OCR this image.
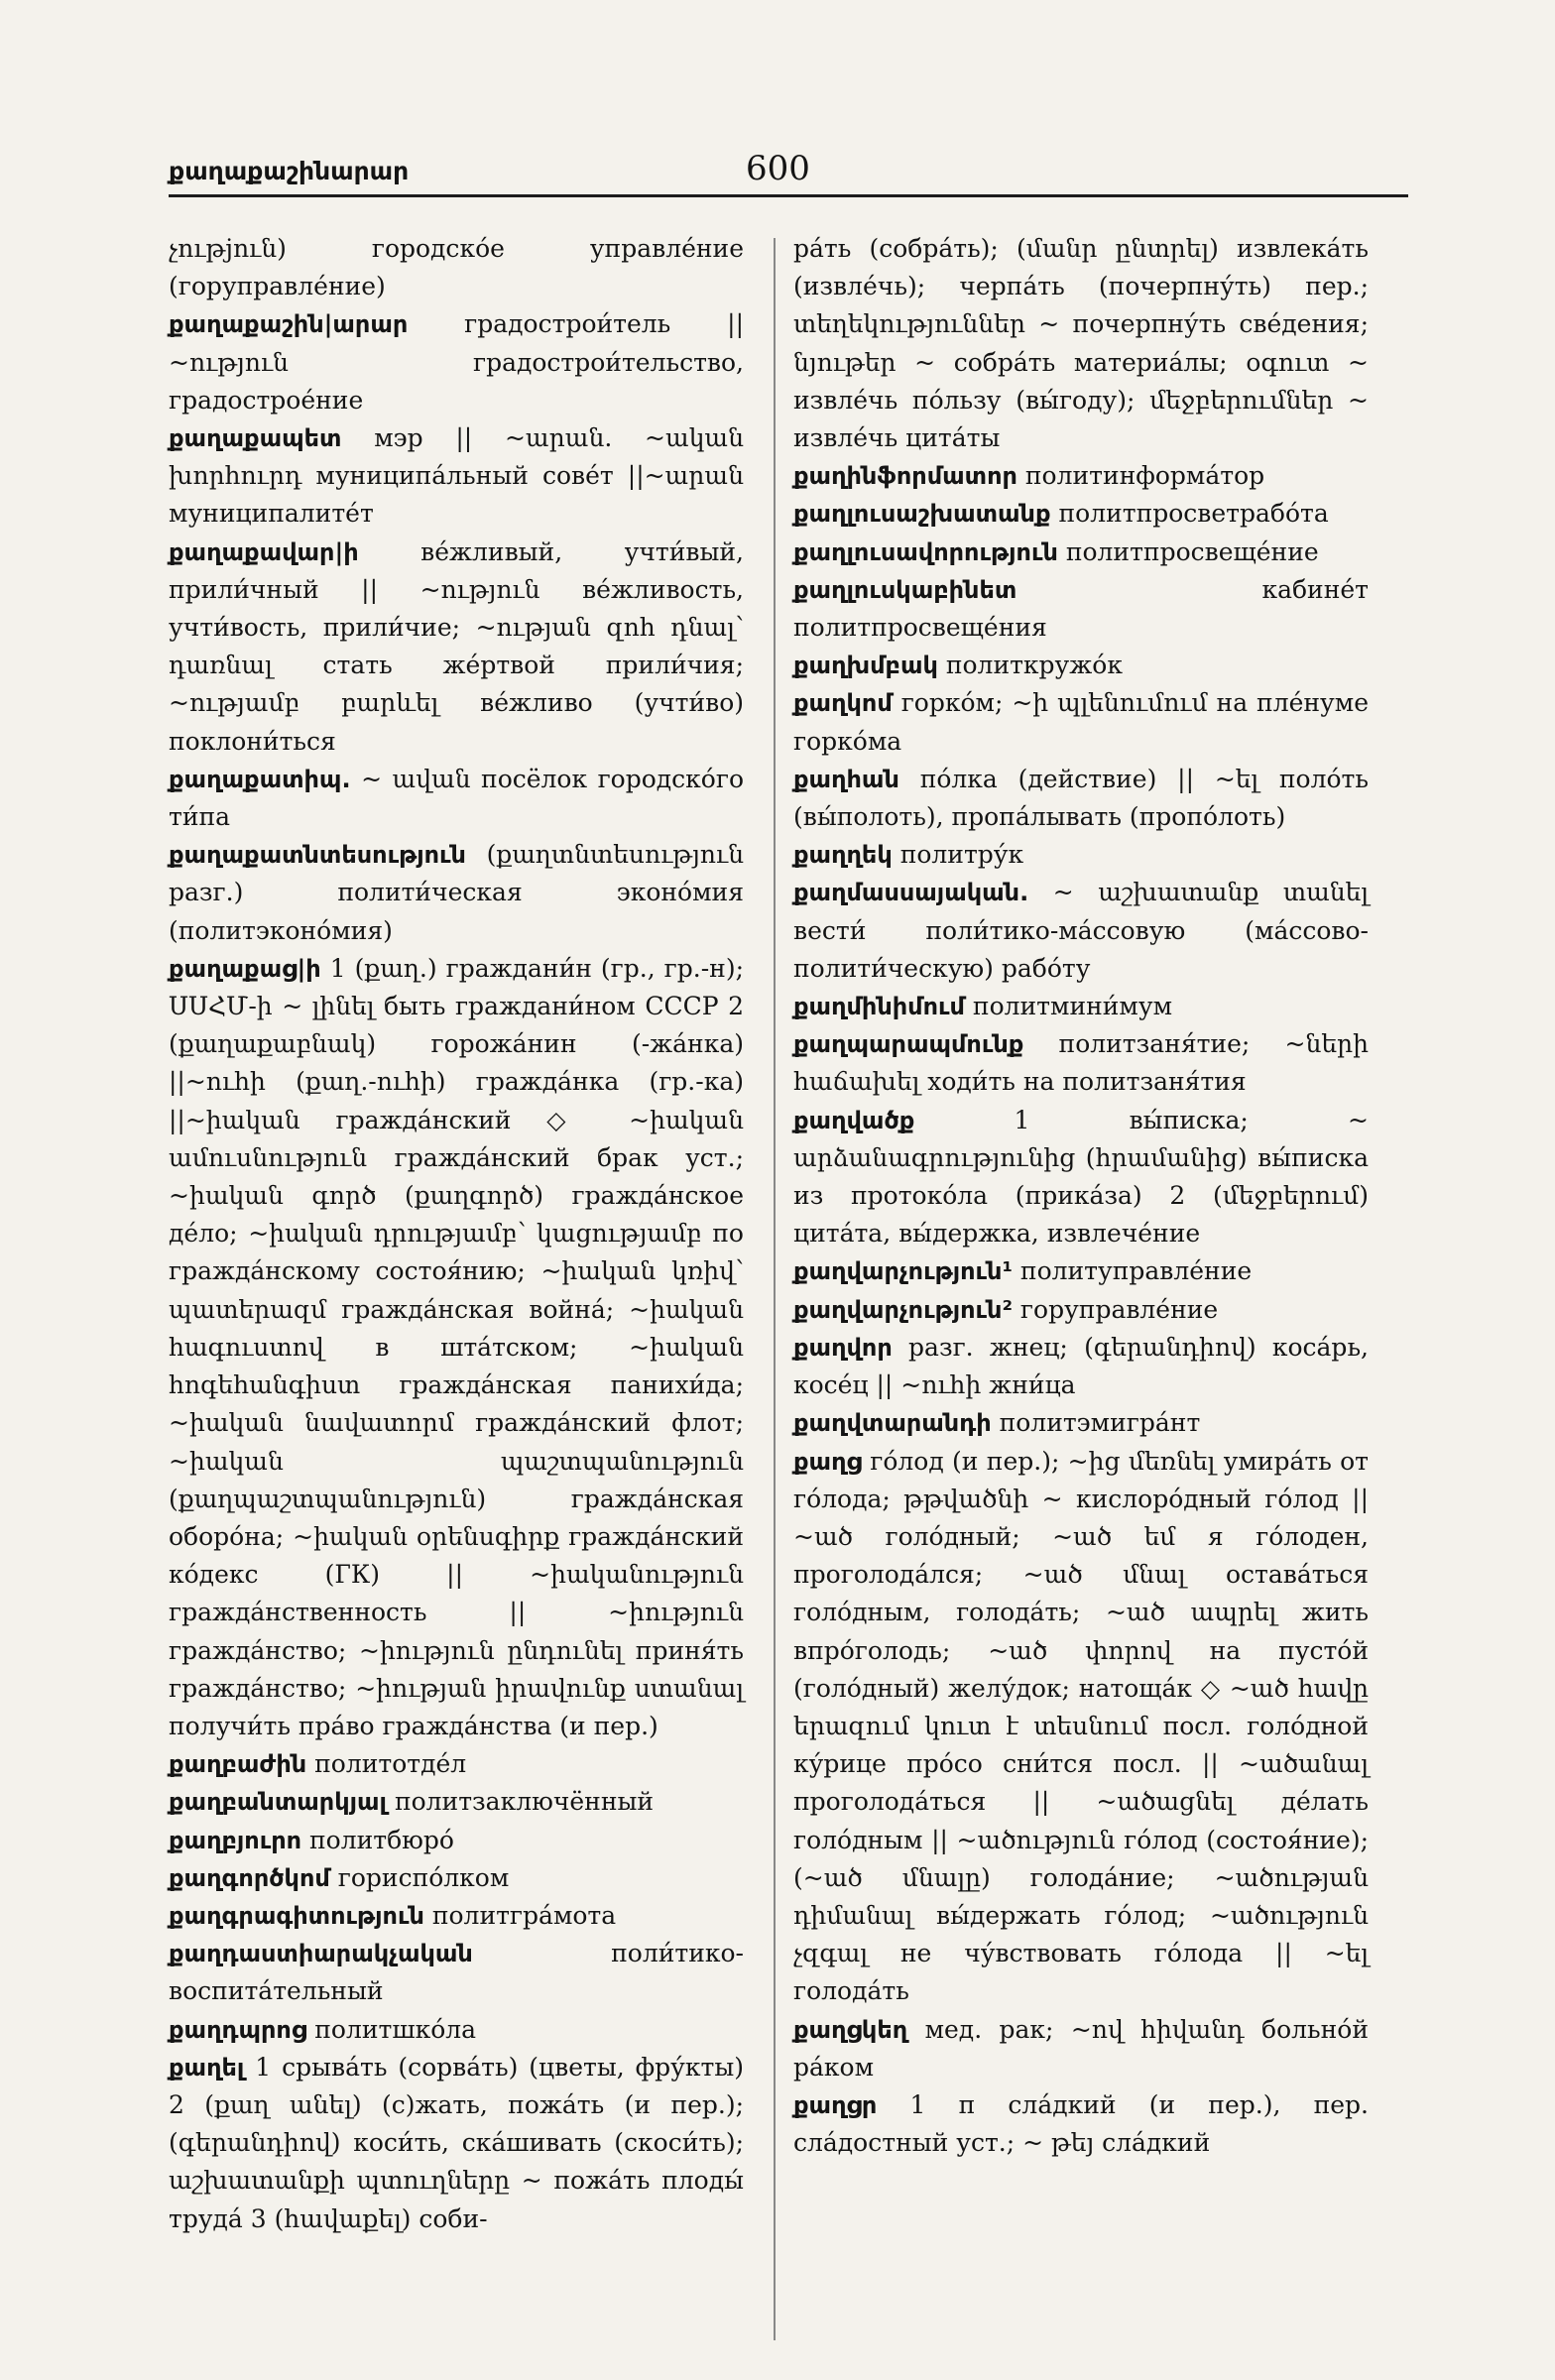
քաղաքաշինարար	600

չութjուն) городско́е управле́ние (горуправле́ние)

քաղաքաշին|արար градострои́тель || ~ություն градострои́тельство, градострое́ние

քաղաքապետ мэр || ~արան. ~ական խորհուրդ муниципа́льный сове́т ||~արան муниципалите́т

քաղաքավար|ի	ве́жливый, учти́вый, прили́чный || ~ություն ве́жливость, учти́вость, прили́чие; ~ության զոհ դնալ՝ դառնալ стать же́ртвой прили́чия; ~ությամբ բարևել ве́жливо (учти́во) поклони́ться

քաղաքատիպ. ~ ավան посёлок городско́го ти́па

քաղաքատնտեսություն (քաղտնտեսություն разг.) полити́ческая эконо́мия (политэконо́мия)

քաղաքաց|ի 1 (քաղ.) граждани́н (гр., гр.-н); ՍՍՀՄ-ի ~ լինել быть граждани́ном СССР 2 (քաղաքաբնակ) горожа́нин (-жа́нка) ||~ուհի (քաղ.-ուհի) гражда́нка (гр.-ка) ||~իական гражда́нский ◇ ~իական ամուսնություն гражда́нский брак уст.; ~իական գործ (քաղգործ) гражда́нское де́ло; ~իական դրությամբ՝ կացությամբ по гражда́нскому состоя́нию; ~իական կռիվ՝ պատերազմ гражда́нская война́; ~իական հագուստով в шта́тском; ~իական հոգեհանգիստ гражда́нская панихи́да; ~իական նավատորմ гражда́нский флот; ~իական պաշտպանություն (քաղպաշտպանություն) гражда́нская оборо́на; ~իական օրենսգիրք гражда́нский ко́декс (ГК) || ~իականություն гражда́нственность || ~իություն гражда́нство; ~իություն ընդունել приня́ть гражда́нство; ~իության իրավունք ստանալ получи́ть пра́во гражда́нства (и пер.)

քաղբաժին политотде́л

քաղբանտարկյալ политзаключённый

քաղբյուրո политбюро́

քաղգործկոմ гориспо́лком

քաղգրագիտություն политгра́мота

քաղդաստիարակչական	поли́тико-воспита́тельный

քաղդպրոց политшко́ла

քաղել 1 срыва́ть (сорва́ть) (цветы, фру́кты) 2 (քաղ անել) (с)жать, пожа́ть (и пер.); (գերանդիով) коси́ть, ска́шивать (скоси́ть); աշխատանքի պտուղները ~ пожа́ть плоды́ труда́ 3 (հավաքել) соби-

ра́ть (собра́ть); (մանր ընտրել) извлека́ть (извле́чь); черпа́ть (почерпну́ть) пер.; տեղեկություններ ~ почерпну́ть све́дения; նյութեր ~ собра́ть материа́лы; օգուտ ~ извле́чь по́льзу (вы́году); մեջբերումներ ~ извле́чь цита́ты

քաղինֆորմատոր политинформа́тор

քաղլուսաշխատանք политпросветрабо́та

քաղլուսավորություն политпросвеще́ние

քաղլուսկաբինետ	кабине́т политпросвеще́ния

քաղխմբակ политкружо́к

քաղկոմ горко́м; ~ի պլենումում на пле́нуме горко́ма

քաղհան по́лка (действие) || ~ել поло́ть (вы́полоть), пропа́лывать (пропо́лоть)

քաղղեկ политру́к

քաղմասսայական. ~ աշխատանք տանել вести́ поли́тико-ма́ссовую (ма́ссово-полити́ческую) рабо́ту

քաղմինիմում политмини́мум

քաղպարապմունք политзаня́тие; ~ների հաճախել ходи́ть на политзаня́тия

քաղվածք	1 вы́писка; ~ արձանագրությունից (հրամանից) вы́писка из протоко́ла (прика́за) 2 (մեջբերում) цита́та, вы́держка, извлече́ние

քաղվարչություն¹ политуправле́ние

քաղվարչություն² горуправле́ние

քաղվոր разг. жнец; (գերանդիով) коса́рь, косе́ц || ~ուհի жни́ца

քաղվտարանդի политэмигра́нт

քաղց го́лод (и пер.); ~ից մեռնել умира́ть от го́лода; թթվածնի ~ кислоро́дный го́лод || ~ած голо́дный; ~ած եմ я го́лоден, проголода́лся; ~ած մնալ остава́ться голо́дным, голода́ть; ~ած ապրել жить впро́голодь; ~ած փորով на пусто́й (голо́дный) желу́док; натоща́к ◇ ~ած հավը երազում կուտ է տեսնում посл. голо́дной ку́рице про́со сни́тся посл. || ~ածանալ проголода́ться || ~ածացնել де́лать голо́дным || ~ածություն го́лод (состоя́ние); (~ած մնալը) голода́ние; ~ածության դիմանալ вы́держать го́лод; ~ածություն չզգալ не чу́вствовать го́лода || ~ել голода́ть

քաղցկեղ мед. рак; ~ով հիվանդ больно́й ра́ком

քաղցր 1 п сла́дкий (и пер.), пер. сла́достный уст.; ~ թեյ сла́дкий
